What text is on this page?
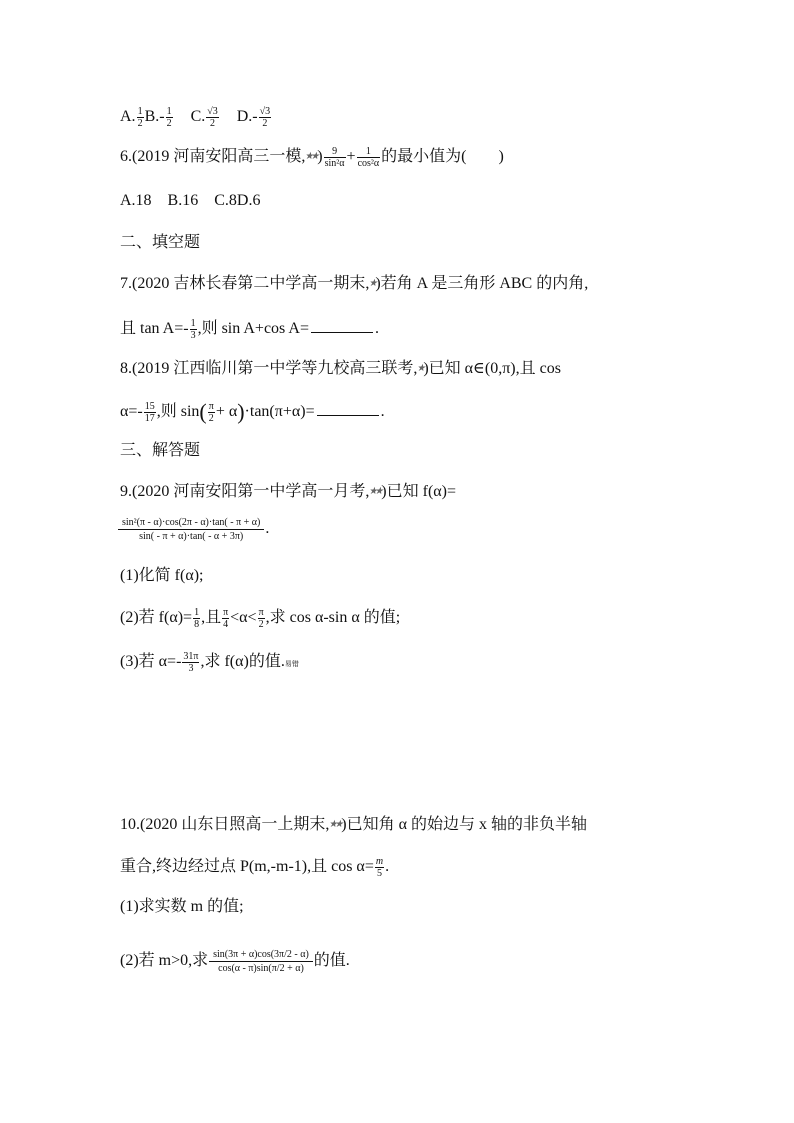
A. $\frac{1}{2} B.- \frac{1}{2} C$. $\frac{√3}{2} D.- \frac{√3}{2}$
6.(2019 河南安阳高三一模,★★) $\frac{9}{\text{sin²α}} + \frac{1}{\text{cos²α}}$ 的最小值为(　　)
A.18　B.16　C.8D.6
二、填空题
7.(2020 吉林长春第二中学高一期末,★)若角 A 是三角形 ABC 的内角,
且 $\tan A=- \frac{1}{3}$ ,则 sin A+cos A=	.
8.(2019 江西临川第一中学等九校高三联考,★)已知 α∈(0,π),且 cos
$\alpha=- \frac{15}{17}$ ,则 $\sin( \frac{\pi}{2} + \alpha)\cdot\tan(\pi+\alpha)=$	.
三、解答题
9.(2020 河南安阳第一中学高一月考,★★)已知 f(α)=
$\frac{\text{sin²(π - α)·cos(2π - α)·tan( - π + α)}}{\sin( - \pi + \alpha)\cdot\tan( - \alpha + 3\pi)}$ .
(1)化简 f(α);
(2)若 $f(\alpha)= \frac{1}{8}$ ,且 $\frac{\pi}{4} <\alpha< \frac{\pi}{2}$ ,求 cos α-sin α 的值;
(3)若 $\alpha=- \frac{31\pi}{3}$ ,求 f(α)的值.易错
10.(2020 山东日照高一上期末,★★)已知角 α 的始边与 x 轴的非负半轴
重合,终边经过点 P(m,-m-1),且 $\cos \alpha= \frac{m}{5}$ .
(1)求实数 m 的值;
(2)若 m>0,求 $\frac{\sin(3\pi + \alpha)\cos(3\pi/2 - \alpha)}{\cos(\alpha - \pi)\sin(\pi/2 + \alpha)}$ 的值.
